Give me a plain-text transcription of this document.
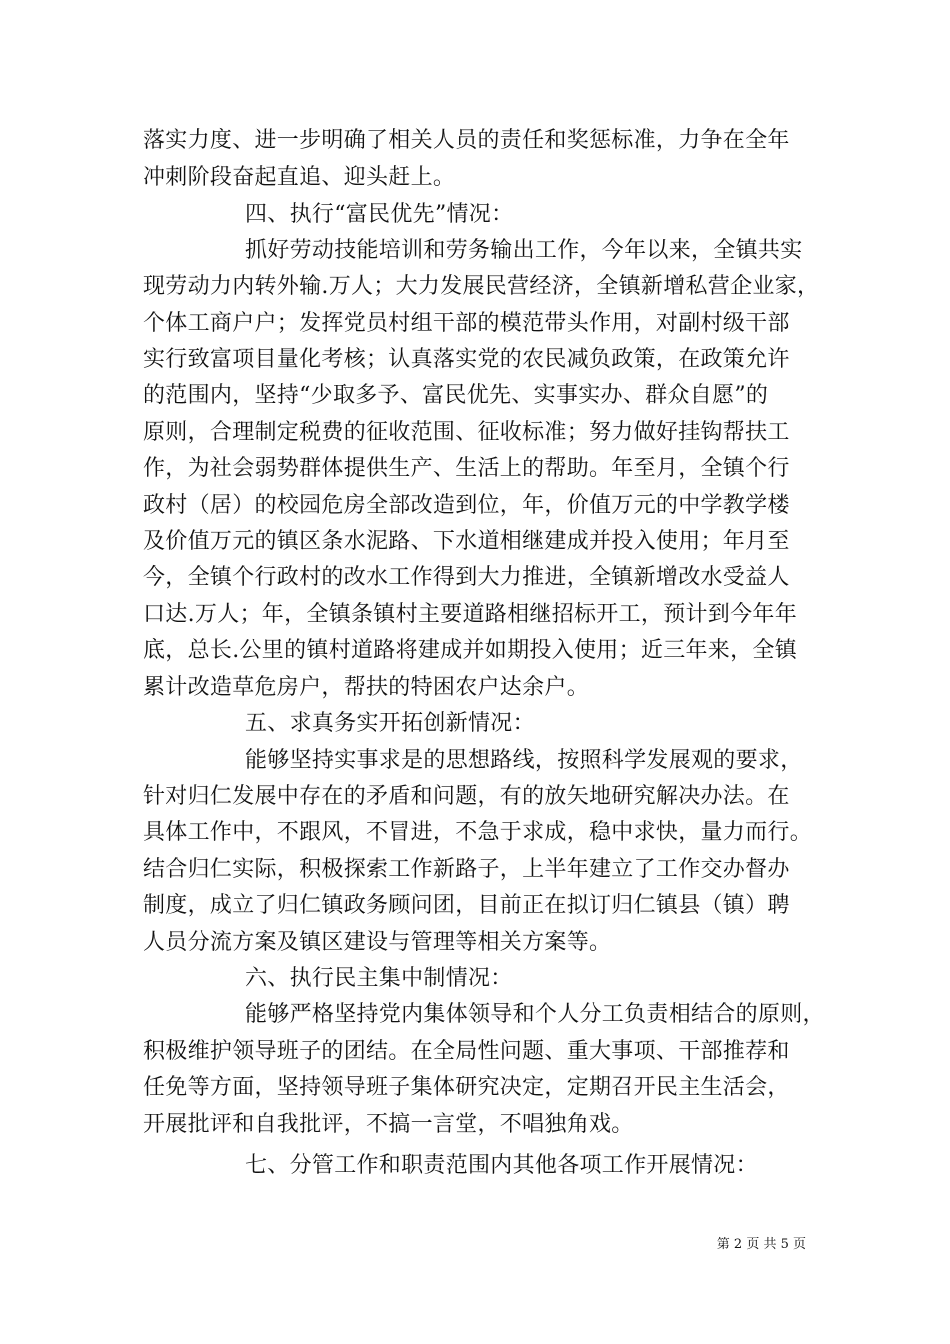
落实力度、进一步明确了相关人员的责任和奖惩标准，力争在全年
冲刺阶段奋起直追、迎头赶上。
四、执行“富民优先”情况：
抓好劳动技能培训和劳务输出工作，今年以来，全镇共实
现劳动力内转外输.万人；大力发展民营经济，全镇新增私营企业家，
个体工商户户；发挥党员村组干部的模范带头作用，对副村级干部
实行致富项目量化考核；认真落实党的农民减负政策，在政策允许
的范围内，坚持“少取多予、富民优先、实事实办、群众自愿”的
原则，合理制定税费的征收范围、征收标准；努力做好挂钩帮扶工
作，为社会弱势群体提供生产、生活上的帮助。年至月，全镇个行
政村（居）的校园危房全部改造到位，年，价值万元的中学教学楼
及价值万元的镇区条水泥路、下水道相继建成并投入使用；年月至
今，全镇个行政村的改水工作得到大力推进，全镇新增改水受益人
口达.万人；年，全镇条镇村主要道路相继招标开工，预计到今年年
底，总长.公里的镇村道路将建成并如期投入使用；近三年来，全镇
累计改造草危房户，帮扶的特困农户达余户。
五、求真务实开拓创新情况：
能够坚持实事求是的思想路线，按照科学发展观的要求，
针对归仁发展中存在的矛盾和问题，有的放矢地研究解决办法。在
具体工作中，不跟风，不冒进，不急于求成，稳中求快，量力而行。
结合归仁实际，积极探索工作新路子，上半年建立了工作交办督办
制度，成立了归仁镇政务顾问团，目前正在拟订归仁镇县（镇）聘
人员分流方案及镇区建设与管理等相关方案等。
六、执行民主集中制情况：
能够严格坚持党内集体领导和个人分工负责相结合的原则，
积极维护领导班子的团结。在全局性问题、重大事项、干部推荐和
任免等方面，坚持领导班子集体研究决定，定期召开民主生活会，
开展批评和自我批评，不搞一言堂，不唱独角戏。
七、分管工作和职责范围内其他各项工作开展情况：
第 2 页 共 5 页
